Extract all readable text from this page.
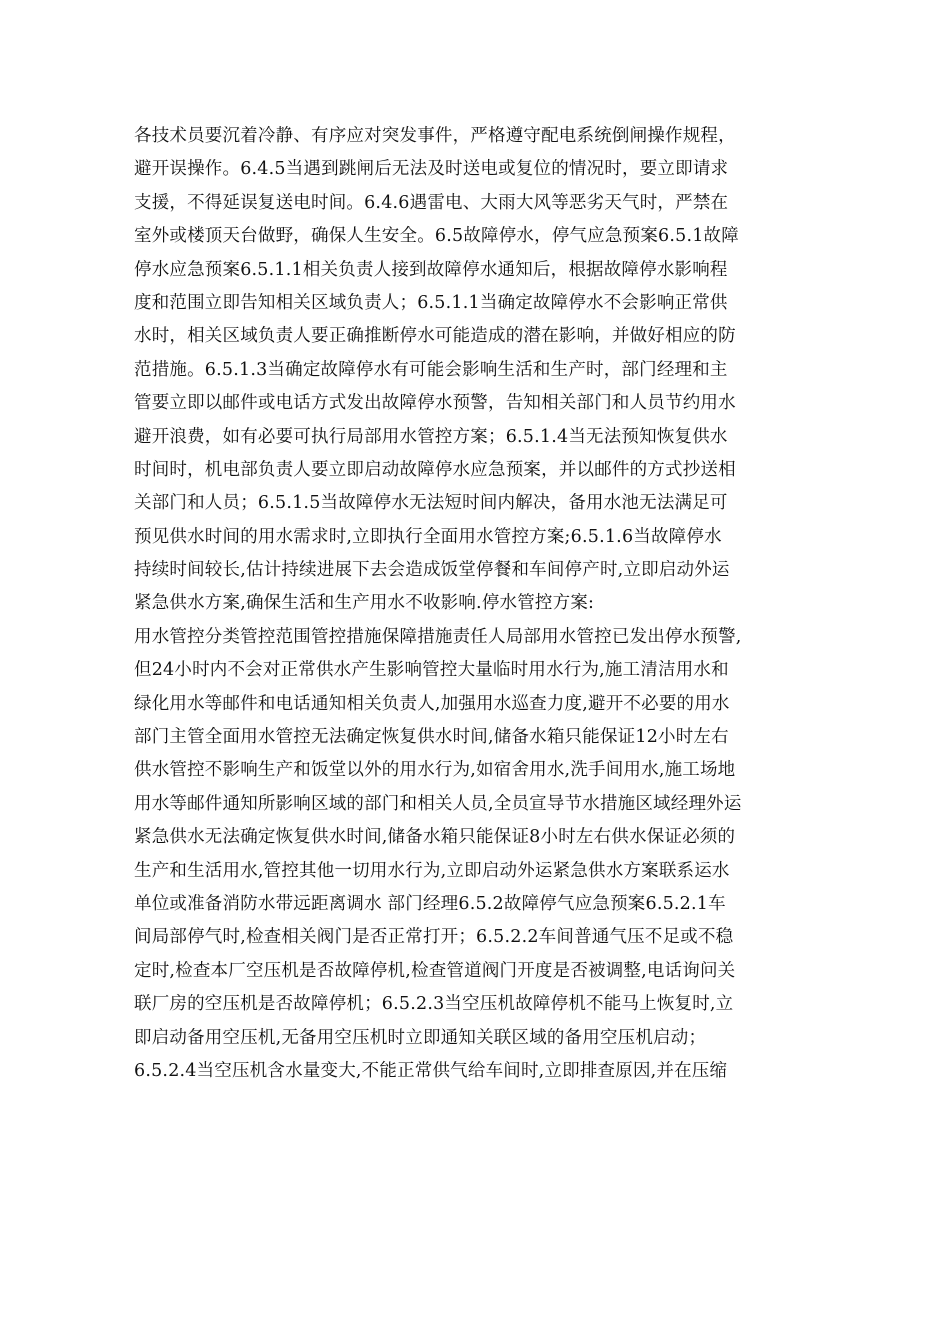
各技术员要沉着冷静、有序应对突发事件，严格遵守配电系统倒闸操作规程，
避开误操作。6.4.5当遇到跳闸后无法及时送电或复位的情况时，要立即请求
支援，不得延误复送电时间。6.4.6遇雷电、大雨大风等恶劣天气时，严禁在
室外或楼顶天台做野，确保人生安全。6.5故障停水，停气应急预案6.5.1故障
停水应急预案6.5.1.1相关负责人接到故障停水通知后，根据故障停水影响程
度和范围立即告知相关区域负责人；6.5.1.1当确定故障停水不会影响正常供
水时，相关区域负责人要正确推断停水可能造成的潜在影响，并做好相应的防
范措施。6.5.1.3当确定故障停水有可能会影响生活和生产时，部门经理和主
管要立即以邮件或电话方式发出故障停水预警，告知相关部门和人员节约用水
避开浪费，如有必要可执行局部用水管控方案；6.5.1.4当无法预知恢复供水
时间时，机电部负责人要立即启动故障停水应急预案，并以邮件的方式抄送相
关部门和人员；6.5.1.5当故障停水无法短时间内解决，备用水池无法满足可
预见供水时间的用水需求时,立即执行全面用水管控方案;6.5.1.6当故障停水
持续时间较长,估计持续进展下去会造成饭堂停餐和车间停产时,立即启动外运
紧急供水方案,确保生活和生产用水不收影响.停水管控方案:
用水管控分类管控范围管控措施保障措施责任人局部用水管控已发出停水预警,
但24小时内不会对正常供水产生影响管控大量临时用水行为,施工清洁用水和
绿化用水等邮件和电话通知相关负责人,加强用水巡查力度,避开不必要的用水
部门主管全面用水管控无法确定恢复供水时间,储备水箱只能保证12小时左右
供水管控不影响生产和饭堂以外的用水行为,如宿舍用水,洗手间用水,施工场地
用水等邮件通知所影响区域的部门和相关人员,全员宣导节水措施区域经理外运
紧急供水无法确定恢复供水时间,储备水箱只能保证8小时左右供水保证必须的
生产和生活用水,管控其他一切用水行为,立即启动外运紧急供水方案联系运水
单位或准备消防水带远距离调水 部门经理6.5.2故障停气应急预案6.5.2.1车
间局部停气时,检查相关阀门是否正常打开；6.5.2.2车间普通气压不足或不稳
定时,检查本厂空压机是否故障停机,检查管道阀门开度是否被调整,电话询问关
联厂房的空压机是否故障停机；6.5.2.3当空压机故障停机不能马上恢复时,立
即启动备用空压机,无备用空压机时立即通知关联区域的备用空压机启动；
6.5.2.4当空压机含水量变大,不能正常供气给车间时,立即排查原因,并在压缩
